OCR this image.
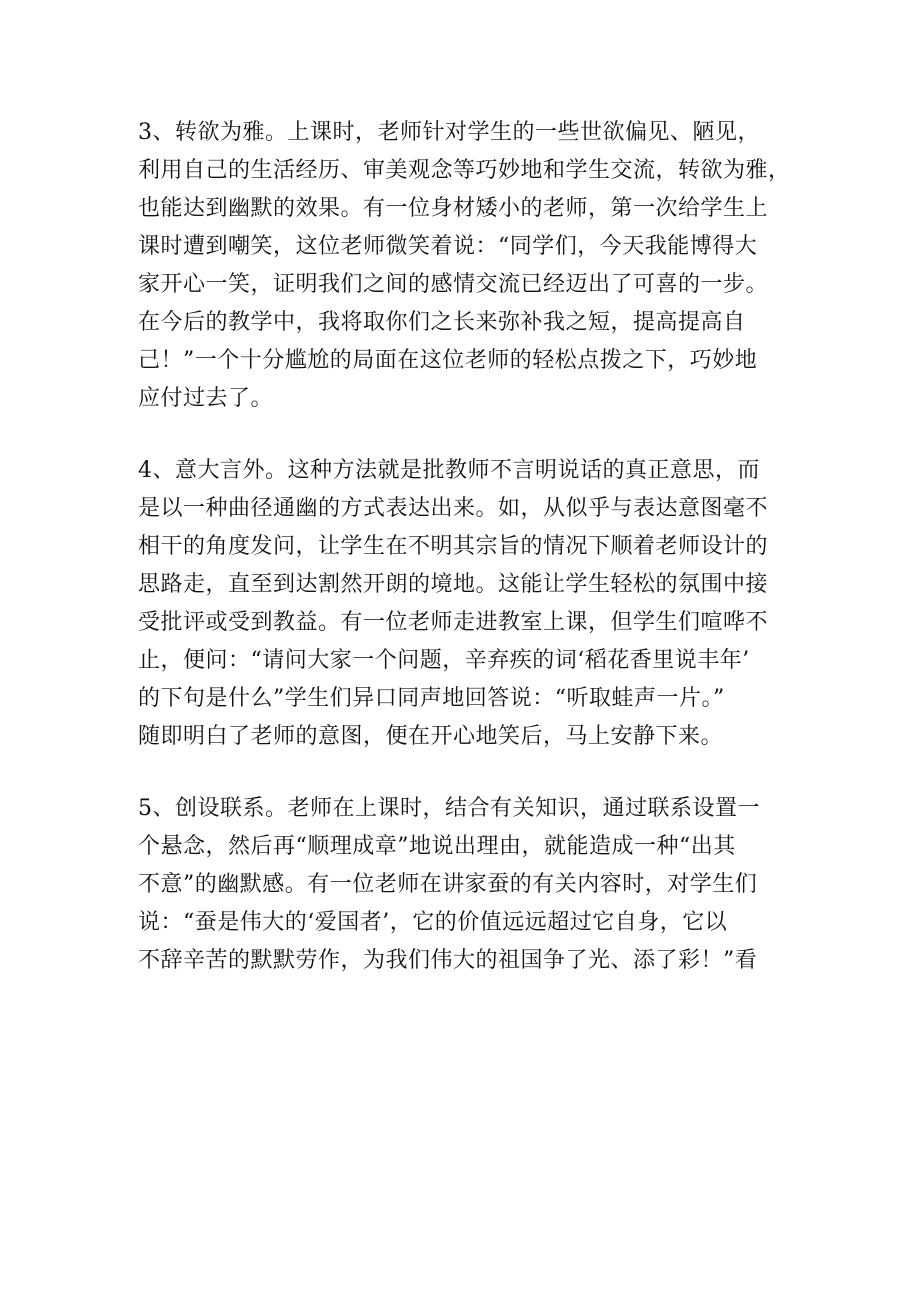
3、转欲为雅。上课时，老师针对学生的一些世欲偏见、陋见，
利用自己的生活经历、审美观念等巧妙地和学生交流，转欲为雅，
也能达到幽默的效果。有一位身材矮小的老师，第一次给学生上
课时遭到嘲笑，这位老师微笑着说：“同学们，今天我能博得大
家开心一笑，证明我们之间的感情交流已经迈出了可喜的一步。
在今后的教学中，我将取你们之长来弥补我之短，提高提高自
己！”一个十分尴尬的局面在这位老师的轻松点拨之下，巧妙地
应付过去了。
4、意大言外。这种方法就是批教师不言明说话的真正意思，而
是以一种曲径通幽的方式表达出来。如，从似乎与表达意图毫不
相干的角度发问，让学生在不明其宗旨的情况下顺着老师设计的
思路走，直至到达割然开朗的境地。这能让学生轻松的氛围中接
受批评或受到教益。有一位老师走进教室上课，但学生们喧哗不
止，便问：“请问大家一个问题，辛弃疾的词‘稻花香里说丰年’
的下句是什么”学生们异口同声地回答说：“听取蛙声一片。”
随即明白了老师的意图，便在开心地笑后，马上安静下来。
5、创设联系。老师在上课时，结合有关知识，通过联系设置一
个悬念，然后再“顺理成章”地说出理由，就能造成一种“出其
不意”的幽默感。有一位老师在讲家蚕的有关内容时，对学生们
说：“蚕是伟大的‘爱国者’，它的价值远远超过它自身，它以
不辞辛苦的默默劳作，为我们伟大的祖国争了光、添了彩！”看
